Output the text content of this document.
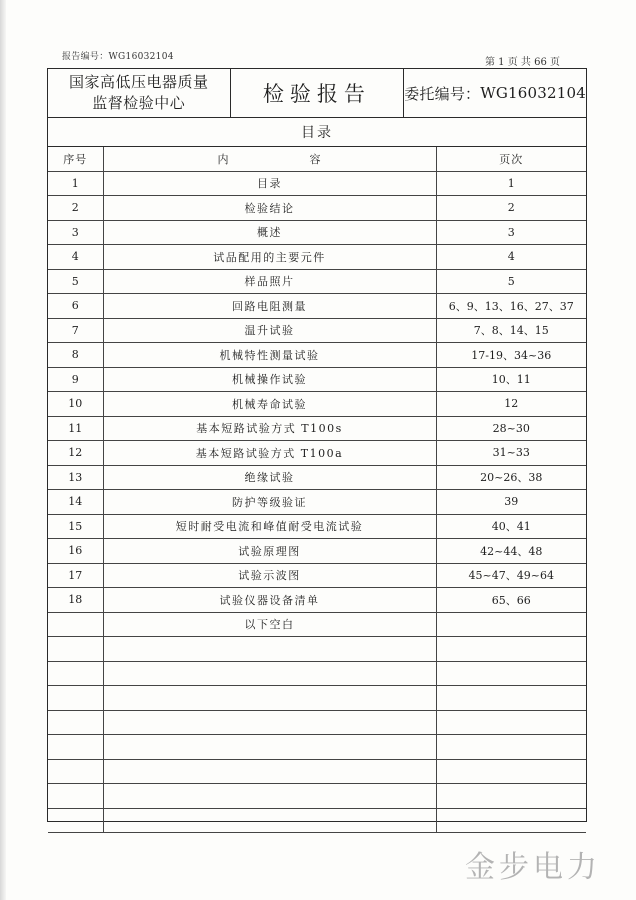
报告编号：WG16032104	第 1 页 共 66 页
国家高低压电器质量
监督检验中心	检验报告	委托编号： WG16032104
目录
序号	内 容	页次
1	目录	1
2	检验结论	2
3	概述	3
4	试品配用的主要元件	4
5	样品照片	5
6	回路电阻测量	6、9、13、16、27、37
7	温升试验	7、8、14、15
8	机械特性测量试验	17-19、34~36
9	机械操作试验	10、11
10	机械寿命试验	12
11	基本短路试验方式 T100s	28~30
12	基本短路试验方式 T100a	31~33
13	绝缘试验	20~26、38
14	防护等级验证	39
15	短时耐受电流和峰值耐受电流试验	40、41
16	试验原理图	42~44、48
17	试验示波图	45~47、49~64
18	试验仪器设备清单	65、66
	以下空白	

金步电力
